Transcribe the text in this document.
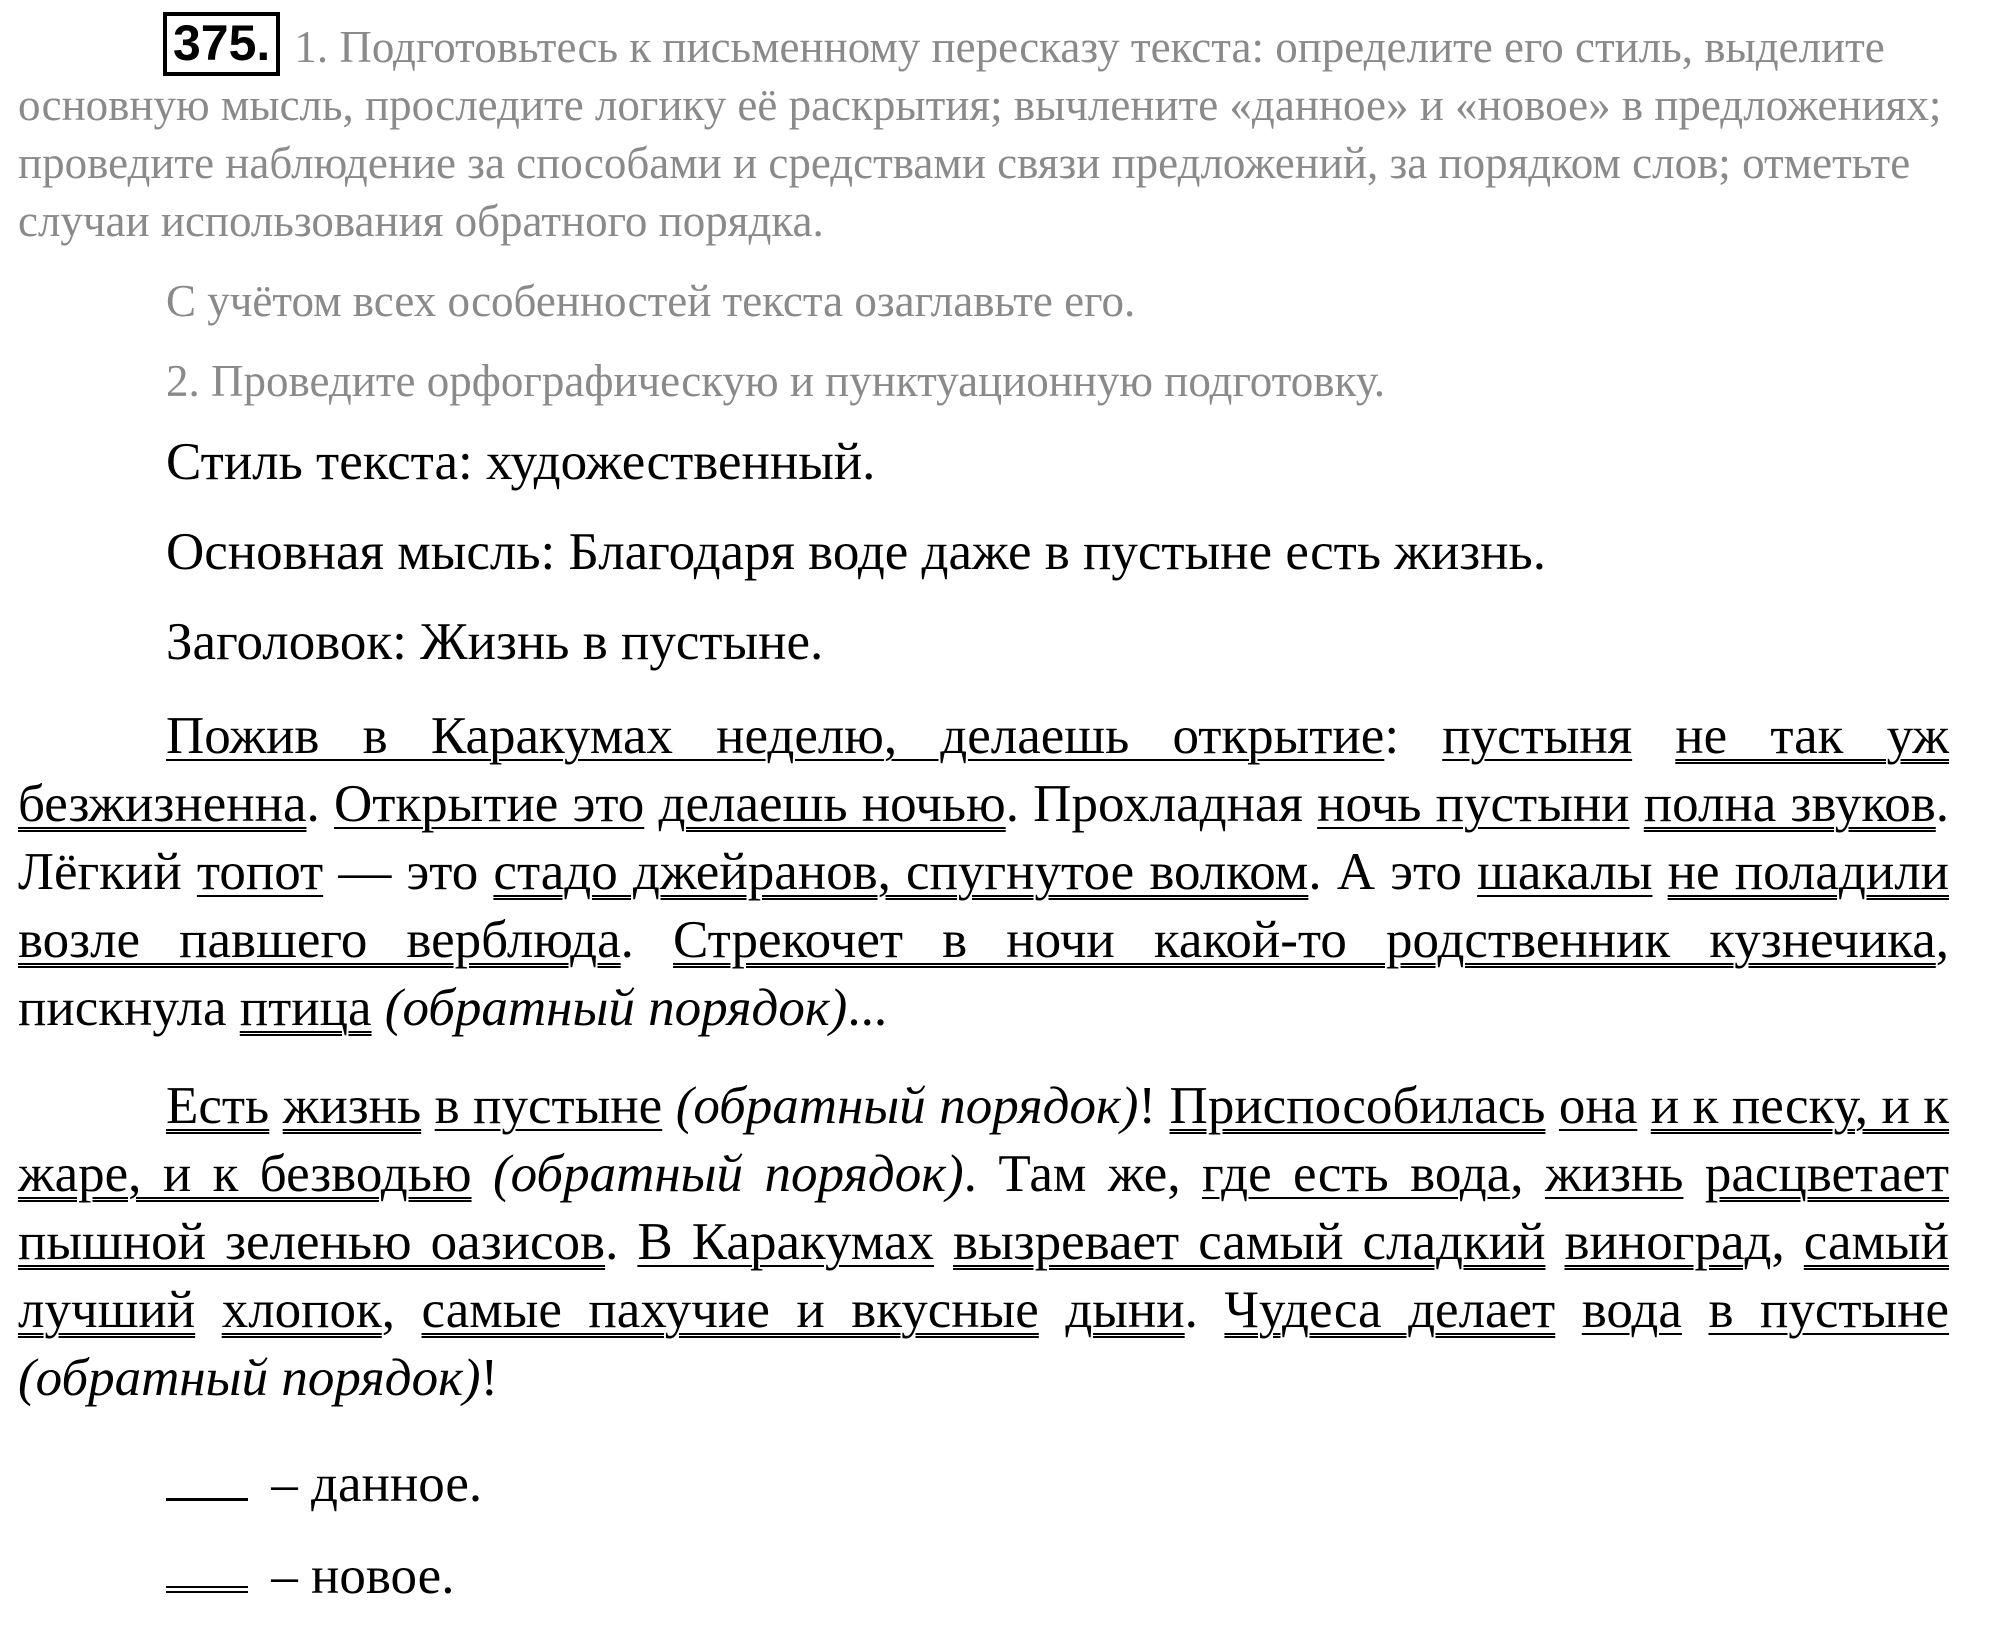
375. 1. Подготовьтесь к письменному пересказу текста: определите его стиль, выделите основную мысль, проследите логику её раскрытия; вычлените «данное» и «новое» в предложениях; проведите наблюдение за способами и средствами связи предложений, за порядком слов; отметьте случаи использования обратного порядка.

С учётом всех особенностей текста озаглавьте его.

2. Проведите орфографическую и пунктуационную подготовку.

Стиль текста: художественный.

Основная мысль: Благодаря воде даже в пустыне есть жизнь.

Заголовок: Жизнь в пустыне.

Пожив в Каракумах неделю, делаешь открытие: пустыня не так уж безжизненна. Открытие это делаешь ночью. Прохладная ночь пустыни полна звуков. Лёгкий топот — это стадо джейранов, спугнутое волком. А это шакалы не поладили возле павшего верблюда. Стрекочет в ночи какой-то родственник кузнечика, пискнула птица (обратный порядок)...

Есть жизнь в пустыне (обратный порядок)! Приспособилась она и к песку, и к жаре, и к безводью (обратный порядок). Там же, где есть вода, жизнь расцветает пышной зеленью оазисов. В Каракумах вызревает самый сладкий виноград, самый лучший хлопок, самые пахучие и вкусные дыни. Чудеса делает вода в пустыне (обратный порядок)!

– данное.

– новое.
